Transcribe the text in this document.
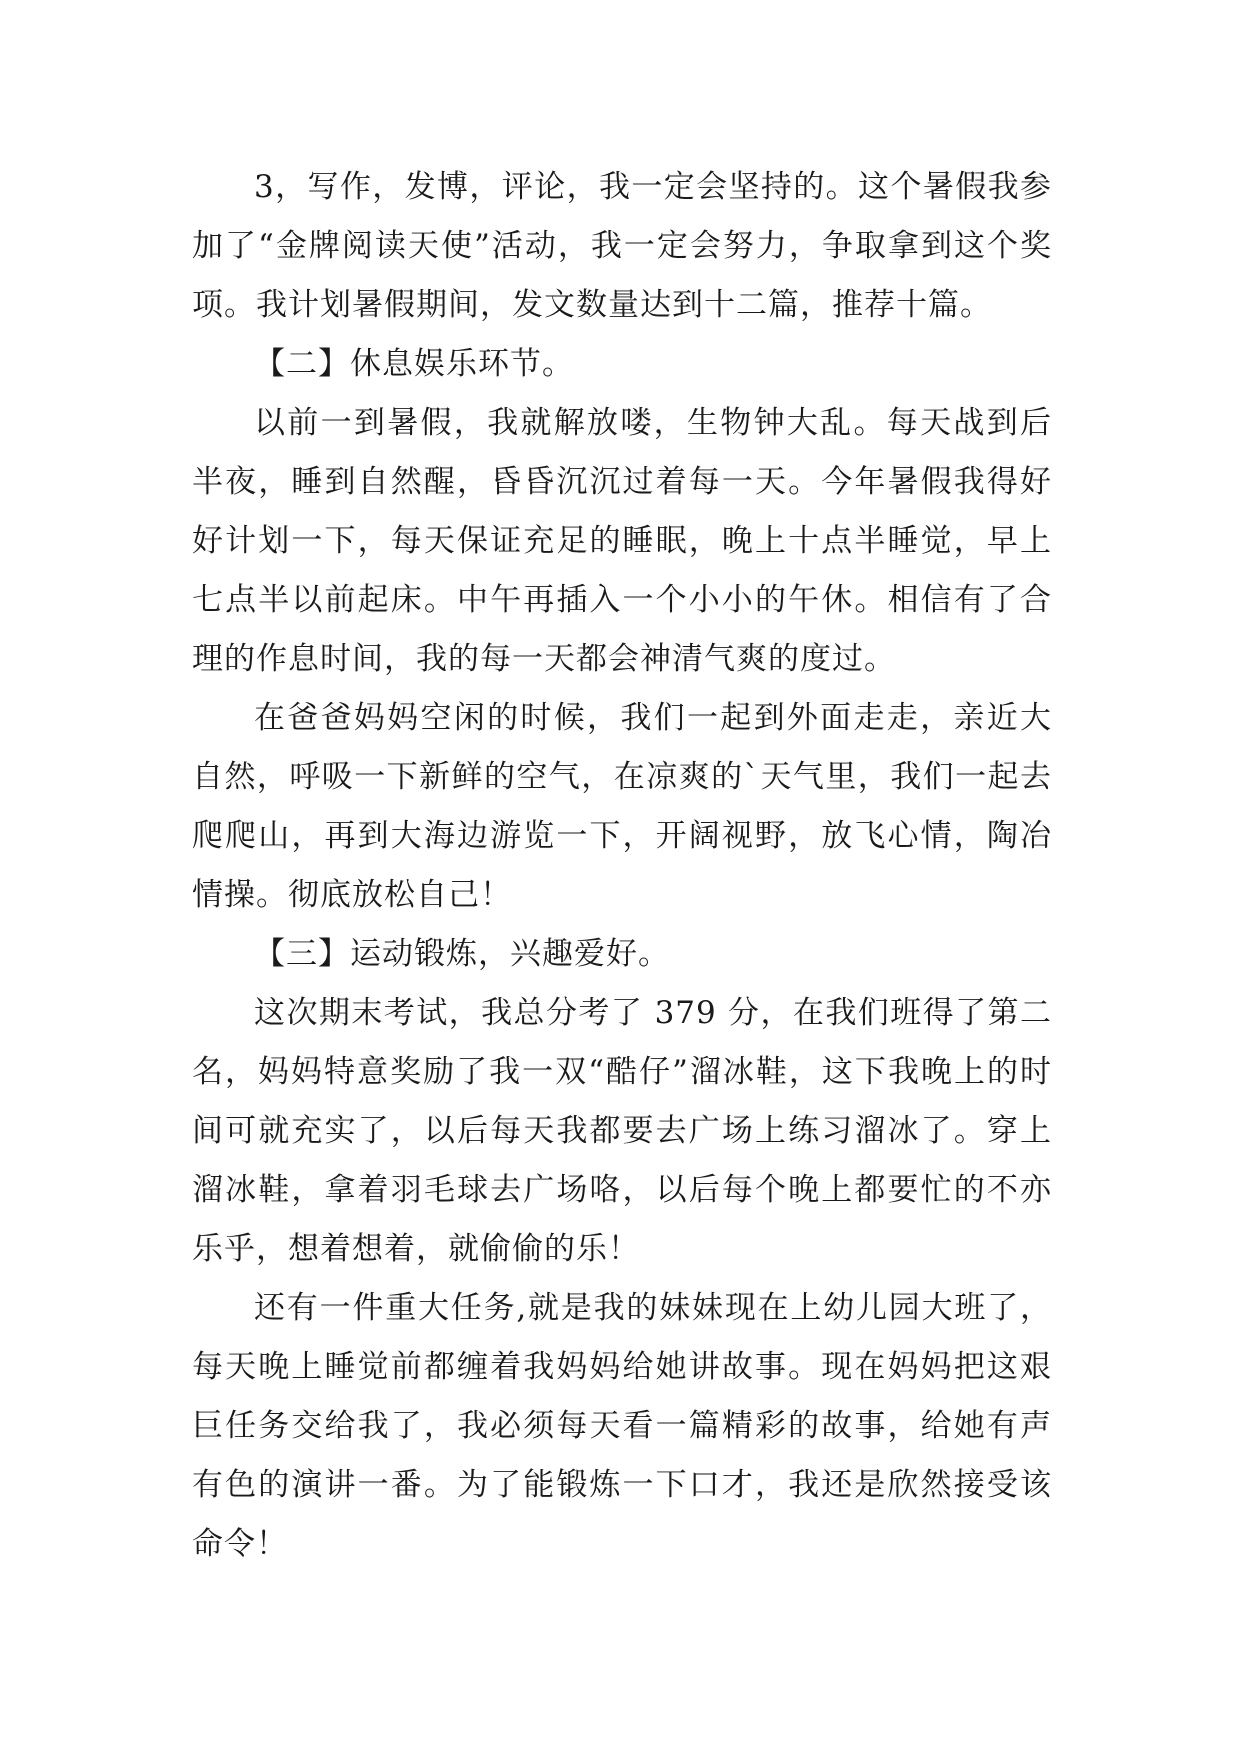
3，写作，发博，评论，我一定会坚持的。这个暑假我参加了“金牌阅读天使”活动，我一定会努力，争取拿到这个奖项。我计划暑假期间，发文数量达到十二篇，推荐十篇。

【二】休息娱乐环节。

以前一到暑假，我就解放喽，生物钟大乱。每天战到后半夜，睡到自然醒，昏昏沉沉过着每一天。今年暑假我得好好计划一下，每天保证充足的睡眠，晚上十点半睡觉，早上七点半以前起床。中午再插入一个小小的午休。相信有了合理的作息时间，我的每一天都会神清气爽的度过。

在爸爸妈妈空闲的时候，我们一起到外面走走，亲近大自然，呼吸一下新鲜的空气，在凉爽的`天气里，我们一起去爬爬山，再到大海边游览一下，开阔视野，放飞心情，陶冶情操。彻底放松自己！

【三】运动锻炼，兴趣爱好。

这次期末考试，我总分考了 379 分，在我们班得了第二名，妈妈特意奖励了我一双“酷仔”溜冰鞋，这下我晚上的时间可就充实了，以后每天我都要去广场上练习溜冰了。穿上溜冰鞋，拿着羽毛球去广场咯，以后每个晚上都要忙的不亦乐乎，想着想着，就偷偷的乐！

还有一件重大任务,就是我的妹妹现在上幼儿园大班了，每天晚上睡觉前都缠着我妈妈给她讲故事。现在妈妈把这艰巨任务交给我了，我必须每天看一篇精彩的故事，给她有声有色的演讲一番。为了能锻炼一下口才，我还是欣然接受该命令！
